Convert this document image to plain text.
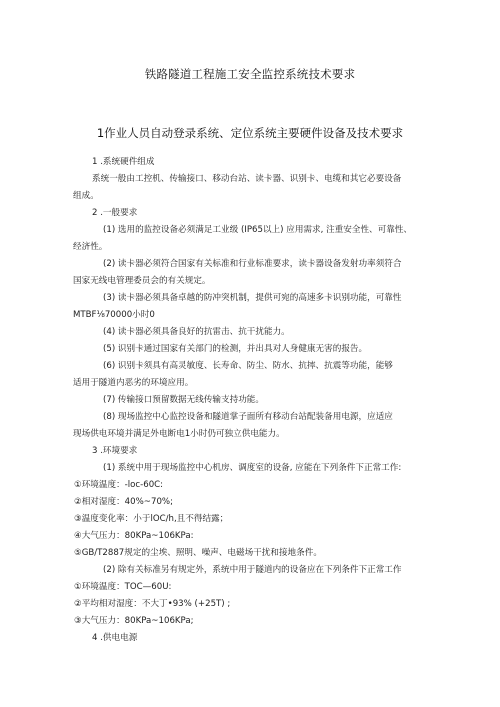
铁路隧道工程施工安全监控系统技术要求
1作业人员自动登录系统、定位系统主要硬件设备及技术要求
1 .系统硬件组成
系统一般由工控机、传输接口、移动台站、读卡器、识别卡、电缆和其它必要设备
组成。
2 .一般要求
(1) 选用的监控设备必须满足工业级 (IP65以上) 应用需求, 注重安全性、可靠性、
经济性。
(2) 读卡器必须符合国家有关标准和行业标准要求，读卡器设备发射功率须符合
国家无线电管理委员会的有关规定。
(3) 读卡器必须具备卓越的防冲突机制，提供可宛的高速多卡识别功能，可靠性
MTBF⅛70000小时0
(4) 读卡器必须具备良好的抗雷击、抗干扰能力。
(5) 识别卡通过国家有关部门的检测，并出具对人身健康无害的报告。
(6) 识别卡须具有高灵敏度、长寿命、防尘、防水、抗摔、抗震等功能，能够
适用于隧道内恶劣的环境应用。
(7) 传输接口预留数据无线传输支持功能。
(8) 现场监控中心监控设备和隧道掌子面所有移动台站配装备用电源，应适应
现场供电环境并满足外电断电1小时仍可独立供电能力。
3 .环境要求
(1) 系统中用于现场监控中心机房、调度室的设备, 应能在下列条件下正常工作:
①环境温度：-loc-60C:
②相对湿度：40%~70%;
③温度变化率：小于lOC∕h,且不得结露；
④大气压力：80KPa~106KPa:
⑤GB/T2887规定的尘埃、照明、噪声、电磁场干扰和接地条件。
(2) 除有关标准另有规定外，系统中用于隧道内的设备应在下列条件下正常工作
①环境温度：TOC—60U:
②平均相对湿度：不大丁•93% (+25T) ;
③大气压力：80KPa~106KPa;
4 .供电电源
